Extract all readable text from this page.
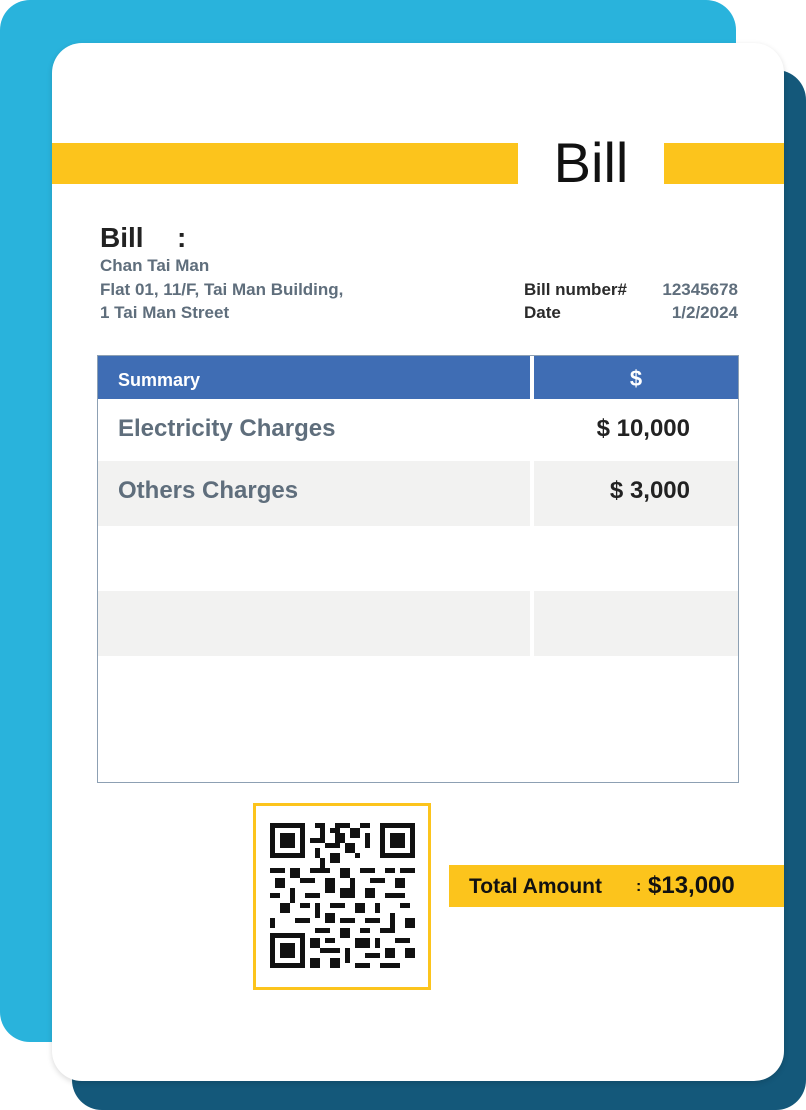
Bill
Bill :
Chan Tai Man
Flat 01, 11/F, Tai Man Building,
1 Tai Man Street
Bill number# 12345678
Date	1/2/2024
Summary	$
Electricity Charges	$ 10,000
Others Charges	$ 3,000
Total Amount : $13,000
